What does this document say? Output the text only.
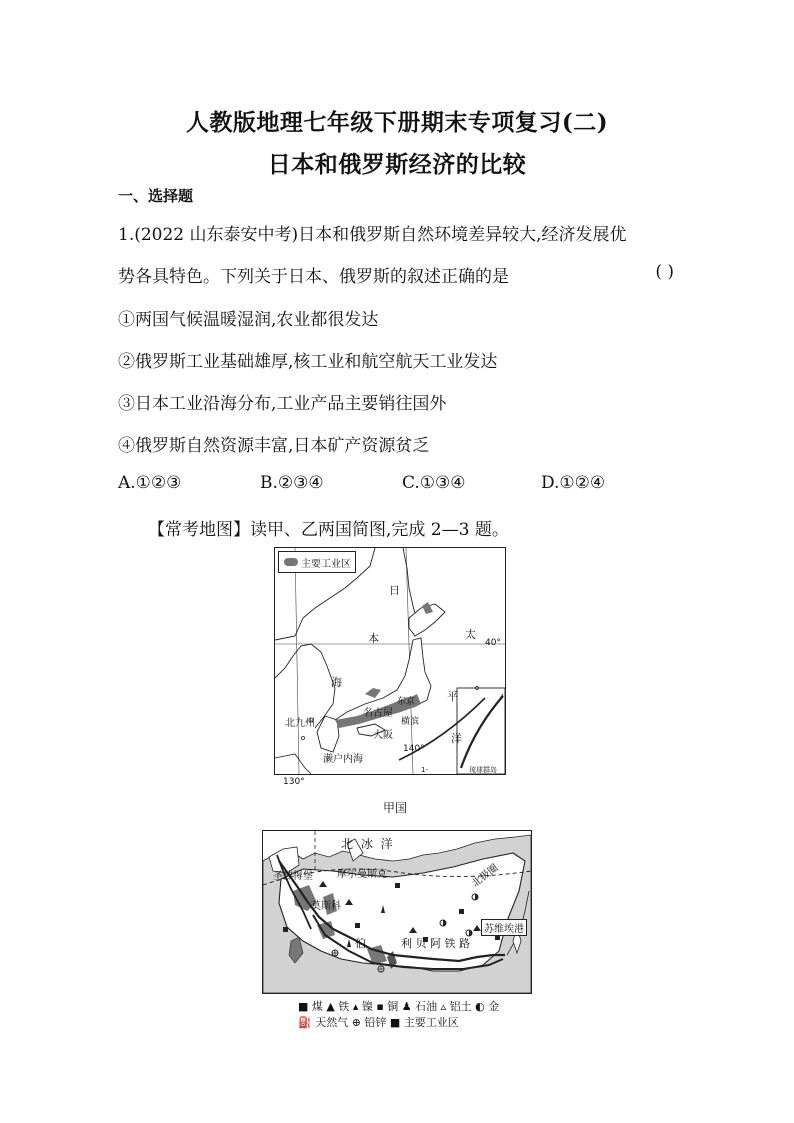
人教版地理七年级下册期末专项复习(二)
日本和俄罗斯经济的比较
一、选择题
1.(2022 山东泰安中考)日本和俄罗斯自然环境差异较大,经济发展优
势各具特色。下列关于日本、俄罗斯的叙述正确的是	( )
①两国气候温暖湿润,农业都很发达
②俄罗斯工业基础雄厚,核工业和航空航天工业发达
③日本工业沿海分布,工业产品主要销往国外
④俄罗斯自然资源丰富,日本矿产资源贫乏
A.①②③	B.②③④	C.①③④	D.①②④
【常考地图】读甲、乙两国简图,完成 2—3 题。
主要工业区
日
本
海
太
平
洋
40°
140°
北九州
名古屋
东京
横滨
大阪
濑户内海
1-	琉球群岛
130°
甲国
北 冰 洋
圣彼得堡 摩尔曼斯克
莫斯科
北极圈
伯	利 贝 阿 铁 路
苏维埃港
■ 煤 ▲ 铁 ▴ 镍 ▪ 铜 ♟ 石油 ▵ 铝土 ◐ 金
⛽ 天然气 ⊕ 铅锌 ■ 主要工业区
